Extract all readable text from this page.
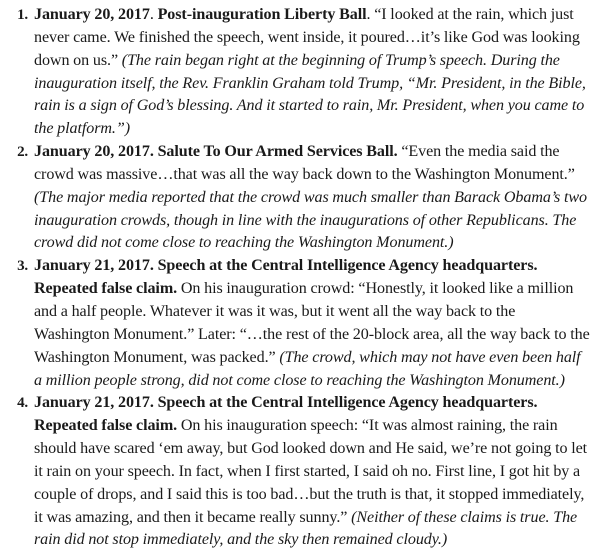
1. January 20, 2017. Post-inauguration Liberty Ball. “I looked at the rain, which just never came. We finished the speech, went inside, it poured…it’s like God was looking down on us.” (The rain began right at the beginning of Trump’s speech. During the inauguration itself, the Rev. Franklin Graham told Trump, “Mr. President, in the Bible, rain is a sign of God’s blessing. And it started to rain, Mr. President, when you came to the platform.”)
2. January 20, 2017. Salute To Our Armed Services Ball. “Even the media said the crowd was massive…that was all the way back down to the Washington Monument.” (The major media reported that the crowd was much smaller than Barack Obama’s two inauguration crowds, though in line with the inaugurations of other Republicans. The crowd did not come close to reaching the Washington Monument.)
3. January 21, 2017. Speech at the Central Intelligence Agency headquarters. Repeated false claim. On his inauguration crowd: “Honestly, it looked like a million and a half people. Whatever it was it was, but it went all the way back to the Washington Monument.” Later: “…the rest of the 20-block area, all the way back to the Washington Monument, was packed.” (The crowd, which may not have even been half a million people strong, did not come close to reaching the Washington Monument.)
4. January 21, 2017. Speech at the Central Intelligence Agency headquarters. Repeated false claim. On his inauguration speech: “It was almost raining, the rain should have scared ‘em away, but God looked down and He said, we’re not going to let it rain on your speech. In fact, when I first started, I said oh no. First line, I got hit by a couple of drops, and I said this is too bad…but the truth is that, it stopped immediately, it was amazing, and then it became really sunny.” (Neither of these claims is true. The rain did not stop immediately, and the sky then remained cloudy.)
